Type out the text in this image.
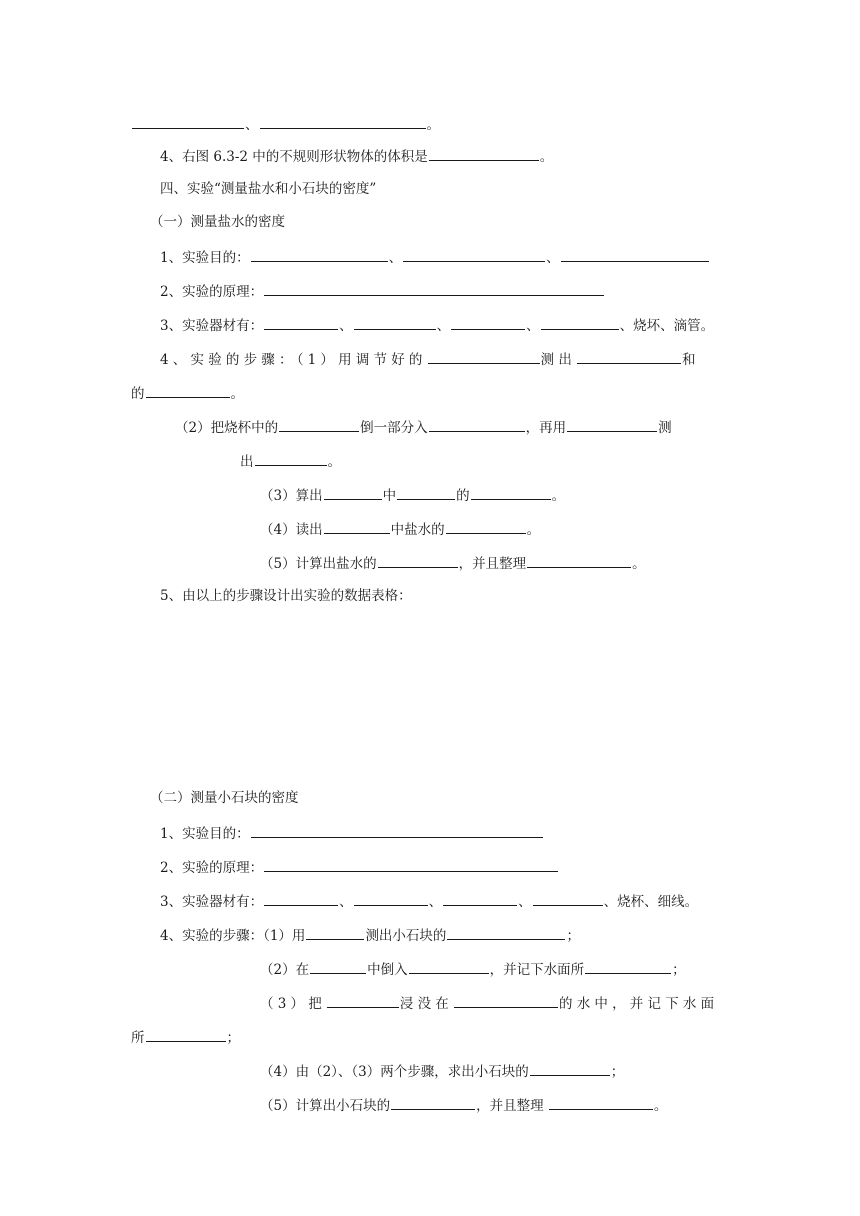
、	。
4、右图 6.3-2 中的不规则形状物体的体积是	。
四、实验“测量盐水和小石块的密度”
（一）测量盐水的密度
1、实验目的：	、	、
2、实验的原理：
3、实验器材有：	、	、	、	、烧坏、滴管。
4、实验的步骤：（1）用调节好的	测出	和
的	。
（2）把烧杯中的	倒一部分入	，再用	测
出	。
（3）算出	中	的	。
（4）读出	中盐水的	。
（5）计算出盐水的	，并且整理	。
5、由以上的步骤设计出实验的数据表格：
（二）测量小石块的密度
1、实验目的：
2、实验的原理：
3、实验器材有：	、	、	、	、烧杯、细线。
4、实验的步骤：（1）用	测出小石块的	；
（2）在	中倒入	，并记下水面所	；
（3）把	浸没在	的水中，并记下水面
所	；
（4）由（2）、（3）两个步骤，求出小石块的	；
（5）计算出小石块的	，并且整理	。
